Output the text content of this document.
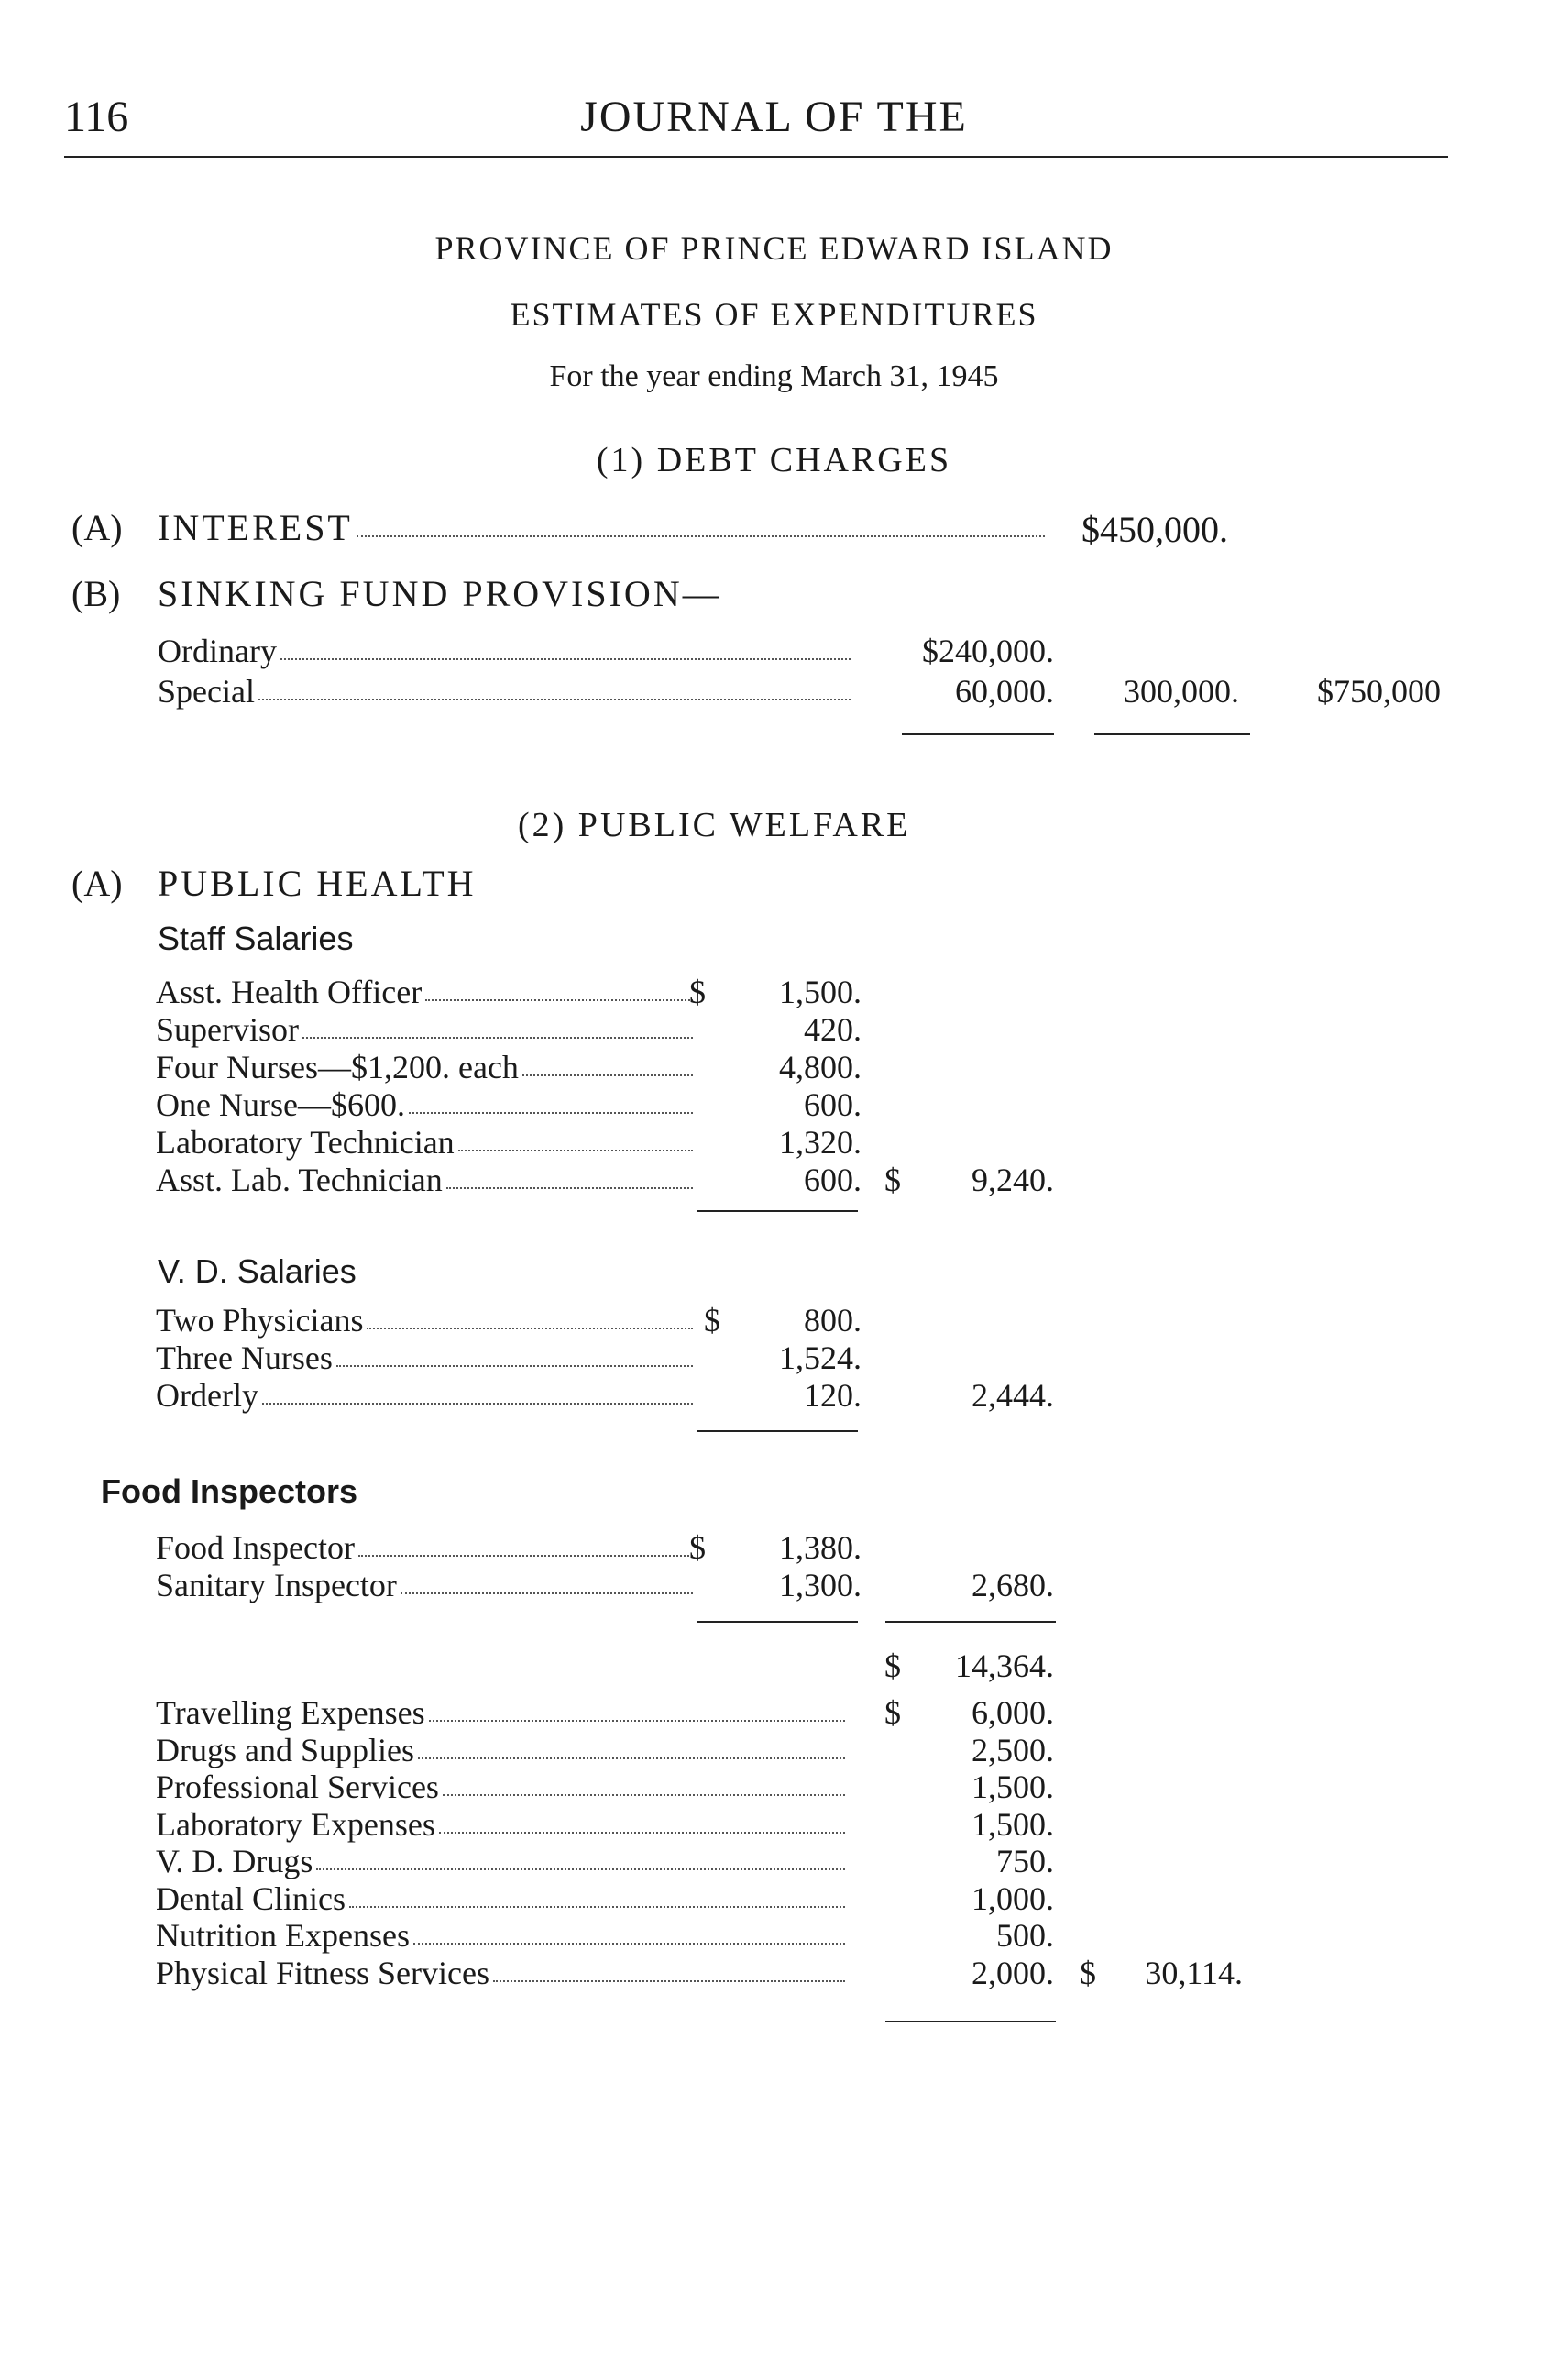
116	JOURNAL OF THE
PROVINCE OF PRINCE EDWARD ISLAND
ESTIMATES OF EXPENDITURES
For the year ending March 31, 1945
(1) DEBT CHARGES
(A) INTEREST	$450,000.
(B) SINKING FUND PROVISION—
Ordinary	$240,000.
Special	60,000.	300,000.	$750,000
(2) PUBLIC WELFARE
(A) PUBLIC HEALTH
Staff Salaries
Asst. Health Officer	$	1,500.
Supervisor	420.
Four Nurses—$1,200. each	4,800.
One Nurse—$600.	600.
Laboratory Technician	1,320.
Asst. Lab. Technician	600. $	9,240.
V. D. Salaries
Two Physicians	$	800.
Three Nurses	1,524.
Orderly	120.	2,444.
Food Inspectors
Food Inspector	$	1,380.
Sanitary Inspector	1,300.	2,680.
$	14,364.
Travelling Expenses	$	6,000.
Drugs and Supplies	2,500.
Professional Services	1,500.
Laboratory Expenses	1,500.
V. D. Drugs	750.
Dental Clinics	1,000.
Nutrition Expenses	500.
Physical Fitness Services	2,000. $	30,114.
